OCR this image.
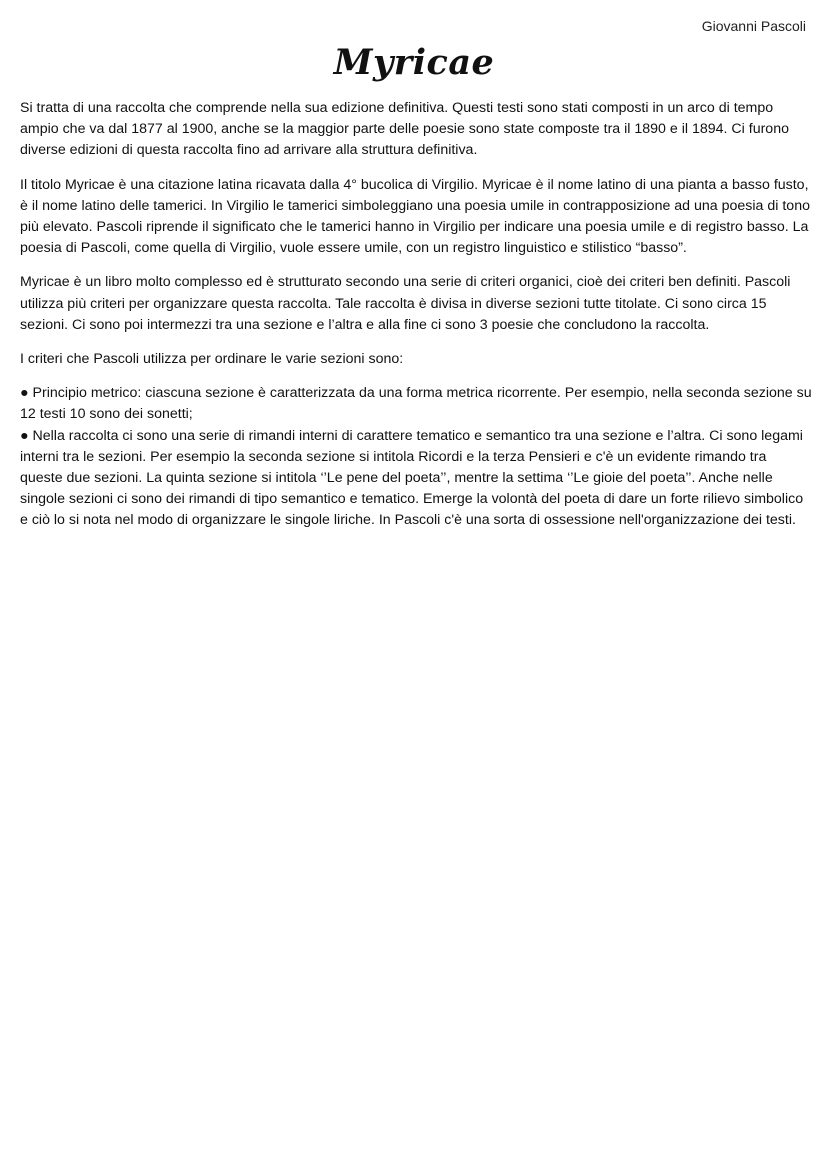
Giovanni Pascoli
Myricae

Si tratta di una raccolta che comprende nella sua edizione definitiva. Questi testi sono stati composti in un arco di tempo ampio che va dal 1877 al 1900, anche se la maggior parte delle poesie sono state composte tra il 1890 e il 1894. Ci furono diverse edizioni di questa raccolta fino ad arrivare alla struttura definitiva.

Il titolo Myricae è una citazione latina ricavata dalla 4° bucolica di Virgilio. Myricae è il nome latino di una pianta a basso fusto, è il nome latino delle tamerici. In Virgilio le tamerici simboleggiano una poesia umile in contrapposizione ad una poesia di tono più elevato. Pascoli riprende il significato che le tamerici hanno in Virgilio per indicare una poesia umile e di registro basso. La poesia di Pascoli, come quella di Virgilio, vuole essere umile, con un registro linguistico e stilistico “basso”.

Myricae è un libro molto complesso ed è strutturato secondo una serie di criteri organici, cioè dei criteri ben definiti. Pascoli utilizza più criteri per organizzare questa raccolta. Tale raccolta è divisa in diverse sezioni tutte titolate. Ci sono circa 15 sezioni. Ci sono poi intermezzi tra una sezione e l’altra e alla fine ci sono 3 poesie che concludono la raccolta.

I criteri che Pascoli utilizza per ordinare le varie sezioni sono:

● Principio metrico: ciascuna sezione è caratterizzata da una forma metrica ricorrente. Per esempio, nella seconda sezione su 12 testi 10 sono dei sonetti;
● Nella raccolta ci sono una serie di rimandi interni di carattere tematico e semantico tra una sezione e l’altra. Ci sono legami interni tra le sezioni. Per esempio la seconda sezione si intitola Ricordi e la terza Pensieri e c'è un evidente rimando tra queste due sezioni. La quinta sezione si intitola ‘’Le pene del poeta’’, mentre la settima ‘’Le gioie del poeta’’. Anche nelle singole sezioni ci sono dei rimandi di tipo semantico e tematico. Emerge la volontà del poeta di dare un forte rilievo simbolico e ciò lo si nota nel modo di organizzare le singole liriche. In Pascoli c'è una sorta di ossessione nell'organizzazione dei testi.
